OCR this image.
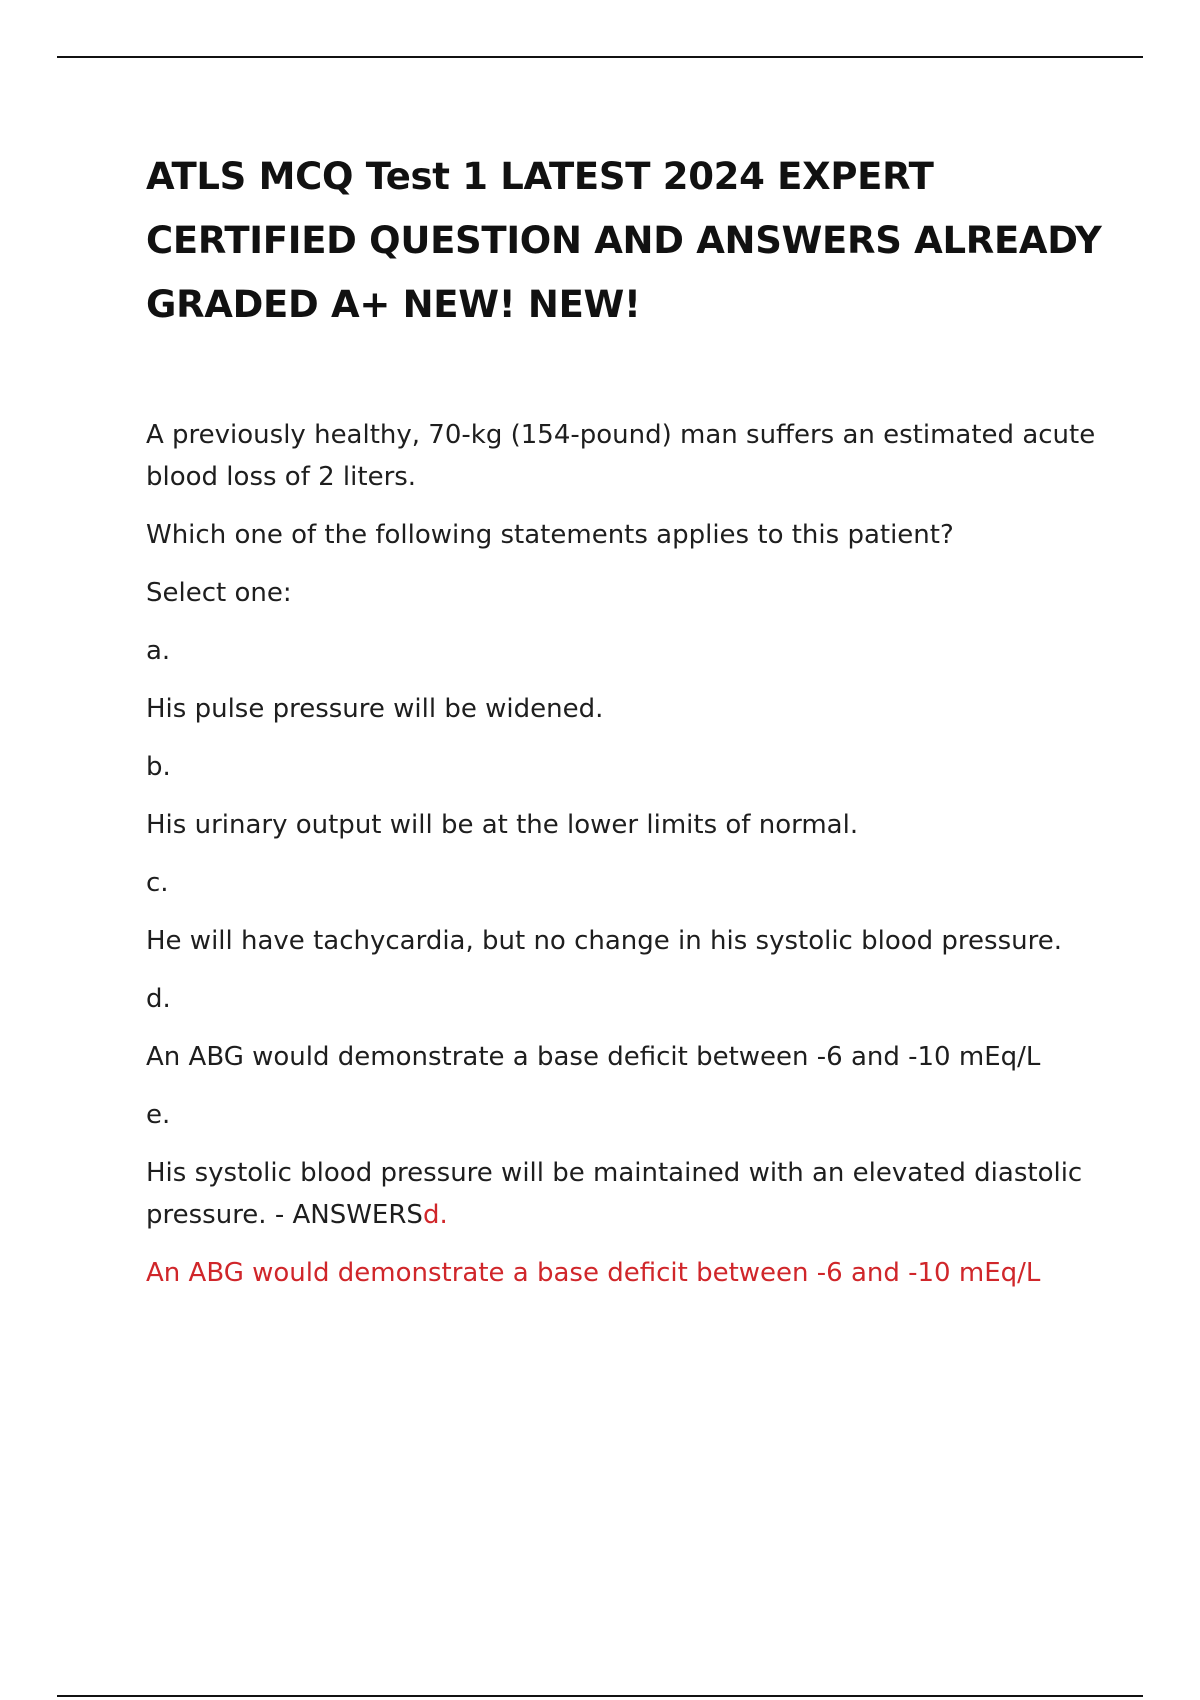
ATLS MCQ Test 1 LATEST 2024 EXPERT CERTIFIED QUESTION AND ANSWERS ALREADY GRADED A+ NEW! NEW!

A previously healthy, 70-kg (154-pound) man suffers an estimated acute blood loss of 2 liters.

Which one of the following statements applies to this patient?

Select one:

a.

His pulse pressure will be widened.

b.

His urinary output will be at the lower limits of normal.

c.

He will have tachycardia, but no change in his systolic blood pressure.

d.

An ABG would demonstrate a base deficit between -6 and -10 mEq/L

e.

His systolic blood pressure will be maintained with an elevated diastolic pressure. - ANSWERSd.

An ABG would demonstrate a base deficit between -6 and -10 mEq/L
